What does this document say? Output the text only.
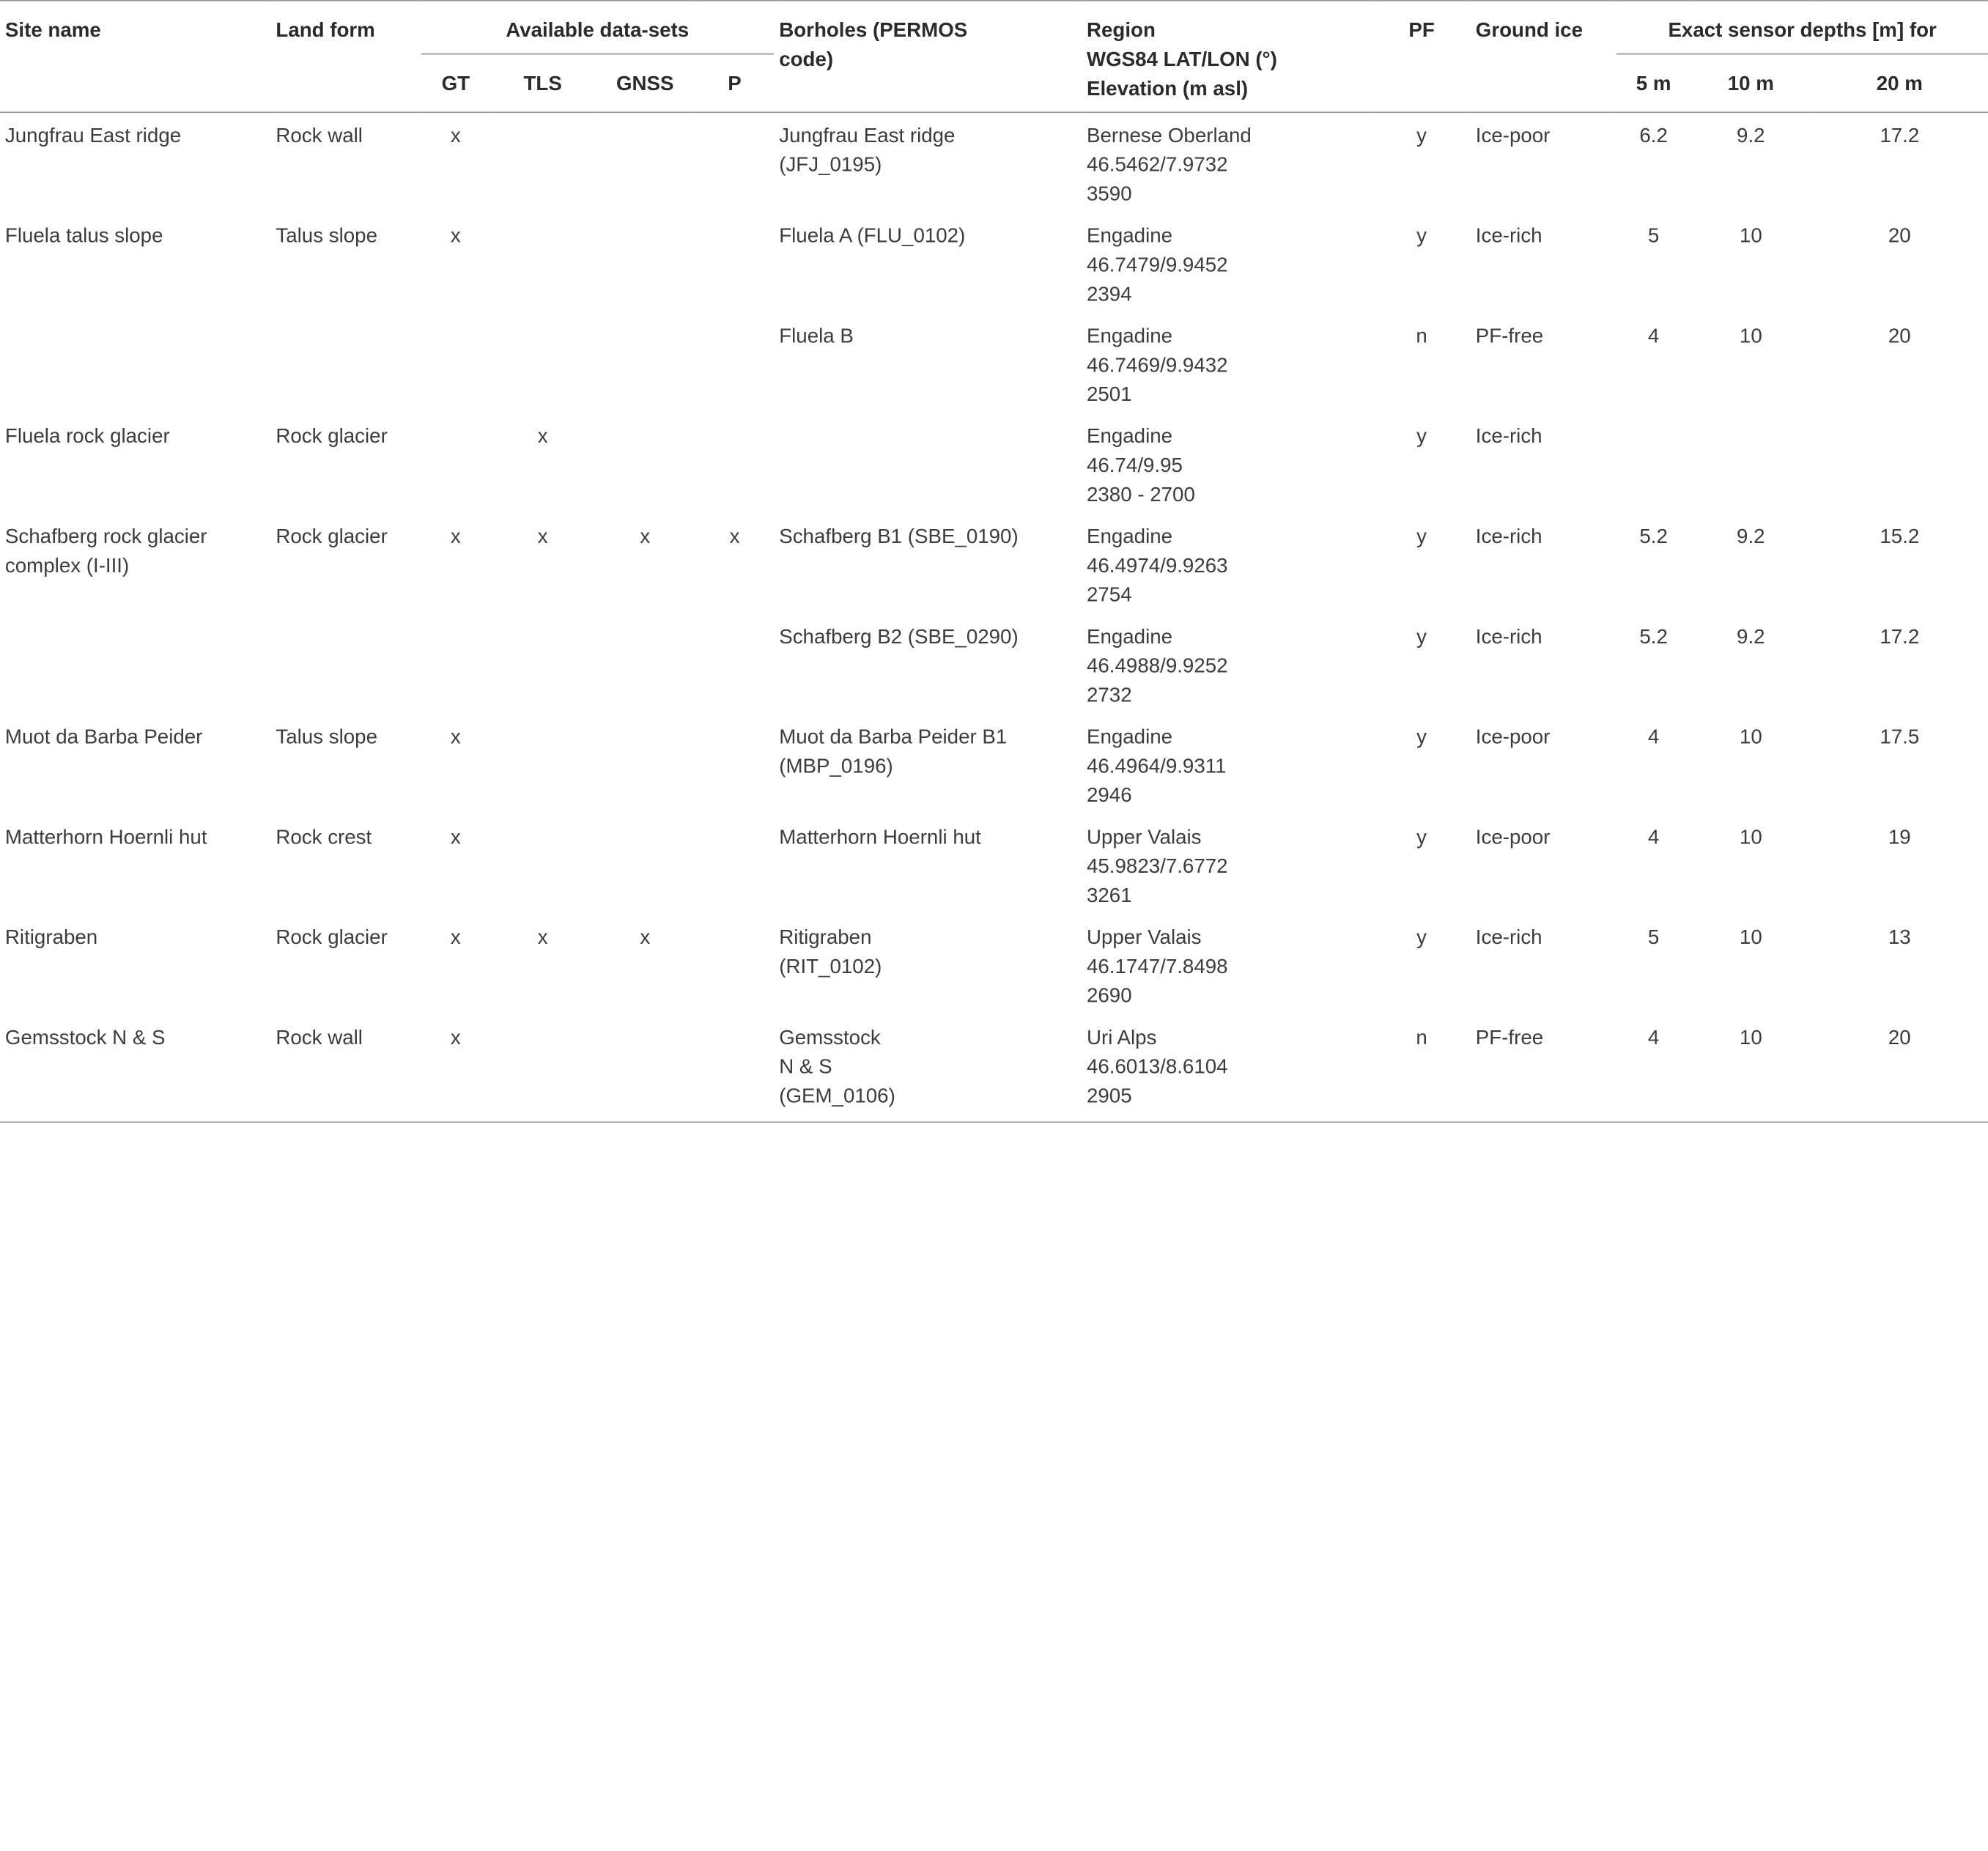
Site name	Land form	Available data-sets				Borholes (PERMOS
code)	Region
WGS84 LAT/LON (°)
Elevation (m asl)	PF	Ground ice	Exact sensor depths [m] for		

		GT	TLS	GNSS	P					5 m	10 m	20 m

Jungfrau East ridge	Rock wall	x				Jungfrau East ridge
(JFJ_0195)	Bernese Oberland
46.5462/7.9732
3590	y	Ice-poor	6.2	9.2	17.2

Fluela talus slope	Talus slope	x				Fluela A (FLU_0102)	Engadine
46.7479/9.9452
2394	y	Ice-rich	5	10	20

						Fluela B	Engadine
46.7469/9.9432
2501	n	PF-free	4	10	20

Fluela rock glacier	Rock glacier		x				Engadine
46.74/9.95
2380 - 2700	y	Ice-rich			

Schafberg rock glacier
complex (I-III)	Rock glacier	x	x	x	x	Schafberg B1 (SBE_0190)	Engadine
46.4974/9.9263
2754	y	Ice-rich	5.2	9.2	15.2

						Schafberg B2 (SBE_0290)	Engadine
46.4988/9.9252
2732	y	Ice-rich	5.2	9.2	17.2

Muot da Barba Peider	Talus slope	x				Muot da Barba Peider B1
(MBP_0196)	Engadine
46.4964/9.9311
2946	y	Ice-poor	4	10	17.5

Matterhorn Hoernli hut	Rock crest	x				Matterhorn Hoernli hut	Upper Valais
45.9823/7.6772
3261	y	Ice-poor	4	10	19

Ritigraben	Rock glacier	x	x	x		Ritigraben
(RIT_0102)	Upper Valais
46.1747/7.8498
2690	y	Ice-rich	5	10	13

Gemsstock N & S	Rock wall	x				Gemsstock
N & S
(GEM_0106)	Uri Alps
46.6013/8.6104
2905	n	PF-free	4	10	20
